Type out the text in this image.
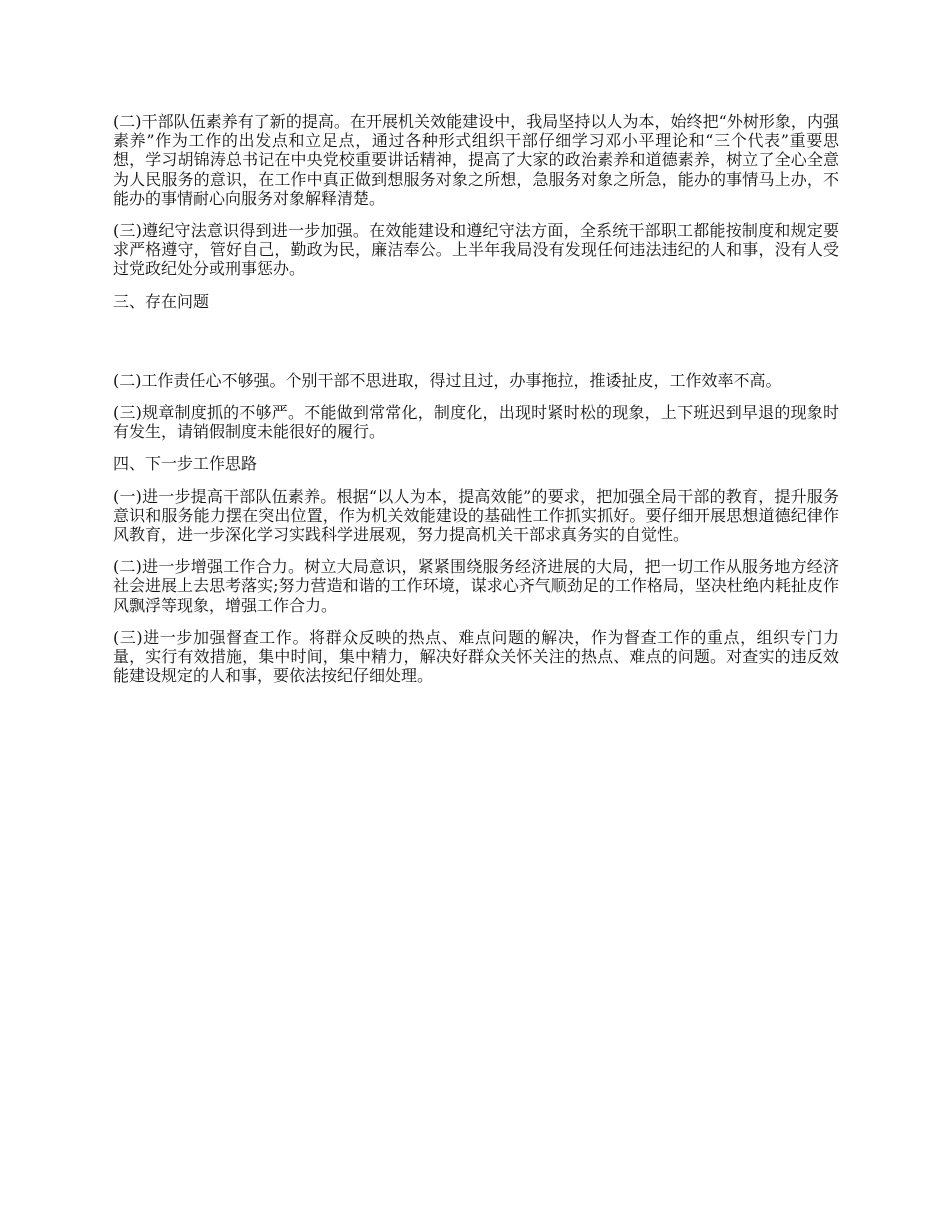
(二)干部队伍素养有了新的提高。在开展机关效能建设中，我局坚持以人为本，始终把“外树形象，内强素养”作为工作的出发点和立足点，通过各种形式组织干部仔细学习邓小平理论和“三个代表”重要思想，学习胡锦涛总书记在中央党校重要讲话精神，提高了大家的政治素养和道德素养，树立了全心全意为人民服务的意识，在工作中真正做到想服务对象之所想，急服务对象之所急，能办的事情马上办，不能办的事情耐心向服务对象解释清楚。

(三)遵纪守法意识得到进一步加强。在效能建设和遵纪守法方面，全系统干部职工都能按制度和规定要求严格遵守，管好自己，勤政为民，廉洁奉公。上半年我局没有发现任何违法违纪的人和事，没有人受过党政纪处分或刑事惩办。

三、存在问题

(二)工作责任心不够强。个别干部不思进取，得过且过，办事拖拉，推诿扯皮，工作效率不高。

(三)规章制度抓的不够严。不能做到常常化，制度化，出现时紧时松的现象，上下班迟到早退的现象时有发生，请销假制度未能很好的履行。

四、下一步工作思路

(一)进一步提高干部队伍素养。根据“以人为本，提高效能”的要求，把加强全局干部的教育，提升服务意识和服务能力摆在突出位置，作为机关效能建设的基础性工作抓实抓好。要仔细开展思想道德纪律作风教育，进一步深化学习实践科学进展观，努力提高机关干部求真务实的自觉性。

(二)进一步增强工作合力。树立大局意识，紧紧围绕服务经济进展的大局，把一切工作从服务地方经济社会进展上去思考落实;努力营造和谐的工作环境，谋求心齐气顺劲足的工作格局，坚决杜绝内耗扯皮作风飘浮等现象，增强工作合力。

(三)进一步加强督查工作。将群众反映的热点、难点问题的解决，作为督查工作的重点，组织专门力量，实行有效措施，集中时间，集中精力，解决好群众关怀关注的热点、难点的问题。对查实的违反效能建设规定的人和事，要依法按纪仔细处理。
